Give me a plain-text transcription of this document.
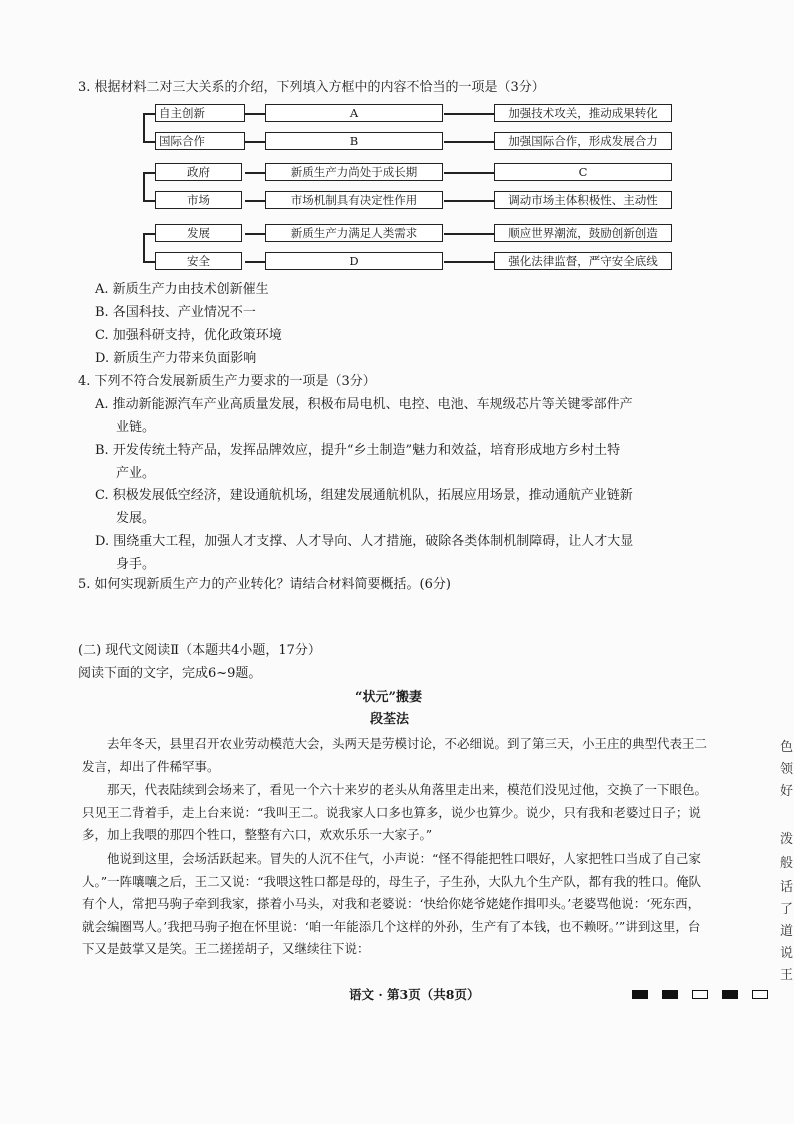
3. 根据材料二对三大关系的介绍，下列填入方框中的内容不恰当的一项是（3分）
自主创新	A	加强技术攻关，推动成果转化
国际合作	B	加强国际合作，形成发展合力
政府	新质生产力尚处于成长期	C
市场	市场机制具有决定性作用	调动市场主体积极性、主动性
发展	新质生产力满足人类需求	顺应世界潮流，鼓励创新创造
安全	D	强化法律监督，严守安全底线
A. 新质生产力由技术创新催生
B. 各国科技、产业情况不一
C. 加强科研支持，优化政策环境
D. 新质生产力带来负面影响
4. 下列不符合发展新质生产力要求的一项是（3分）
A. 推动新能源汽车产业高质量发展，积极布局电机、电控、电池、车规级芯片等关键零部件产
业链。
B. 开发传统土特产品，发挥品牌效应，提升“乡土制造”魅力和效益，培育形成地方乡村土特
产业。
C. 积极发展低空经济，建设通航机场，组建发展通航机队，拓展应用场景，推动通航产业链新
发展。
D. 围绕重大工程，加强人才支撑、人才导向、人才措施，破除各类体制机制障碍，让人才大显
身手。
5. 如何实现新质生产力的产业转化？请结合材料简要概括。(6分)
(二) 现代文阅读Ⅱ（本题共4小题，17分）
阅读下面的文字，完成6~9题。
“状元”搬妻
段荃法
去年冬天，县里召开农业劳动模范大会，头两天是劳模讨论，不必细说。到了第三天，小王庄的典型代表王二发言，却出了件稀罕事。
那天，代表陆续到会场来了，看见一个六十来岁的老头从角落里走出来，模范们没见过他，交换了一下眼色。只见王二背着手，走上台来说：“我叫王二。说我家人口多也算多，说少也算少。说少，只有我和老婆过日子；说多，加上我喂的那四个牲口，整整有六口，欢欢乐乐一大家子。”
他说到这里，会场活跃起来。冒失的人沉不住气，小声说：“怪不得能把牲口喂好，人家把牲口当成了自己家人。”一阵嚷嚷之后，王二又说：“我喂这牲口都是母的，母生子，子生孙，大队九个生产队，都有我的牲口。俺队有个人，常把马驹子牵到我家，搽着小马头，对我和老婆说：‘快给你姥爷姥姥作揖叩头。’老婆骂他说：‘死东西，就会编圈骂人。’我把马驹子抱在怀里说：‘咱一年能添几个这样的外孙，生产有了本钱，也不赖呀。’”讲到这里，台下又是鼓掌又是笑。王二搓搓胡子，又继续往下说：
语文 · 第3页（共8页）
色
领
好
泼
般
话
了
道
说
王
